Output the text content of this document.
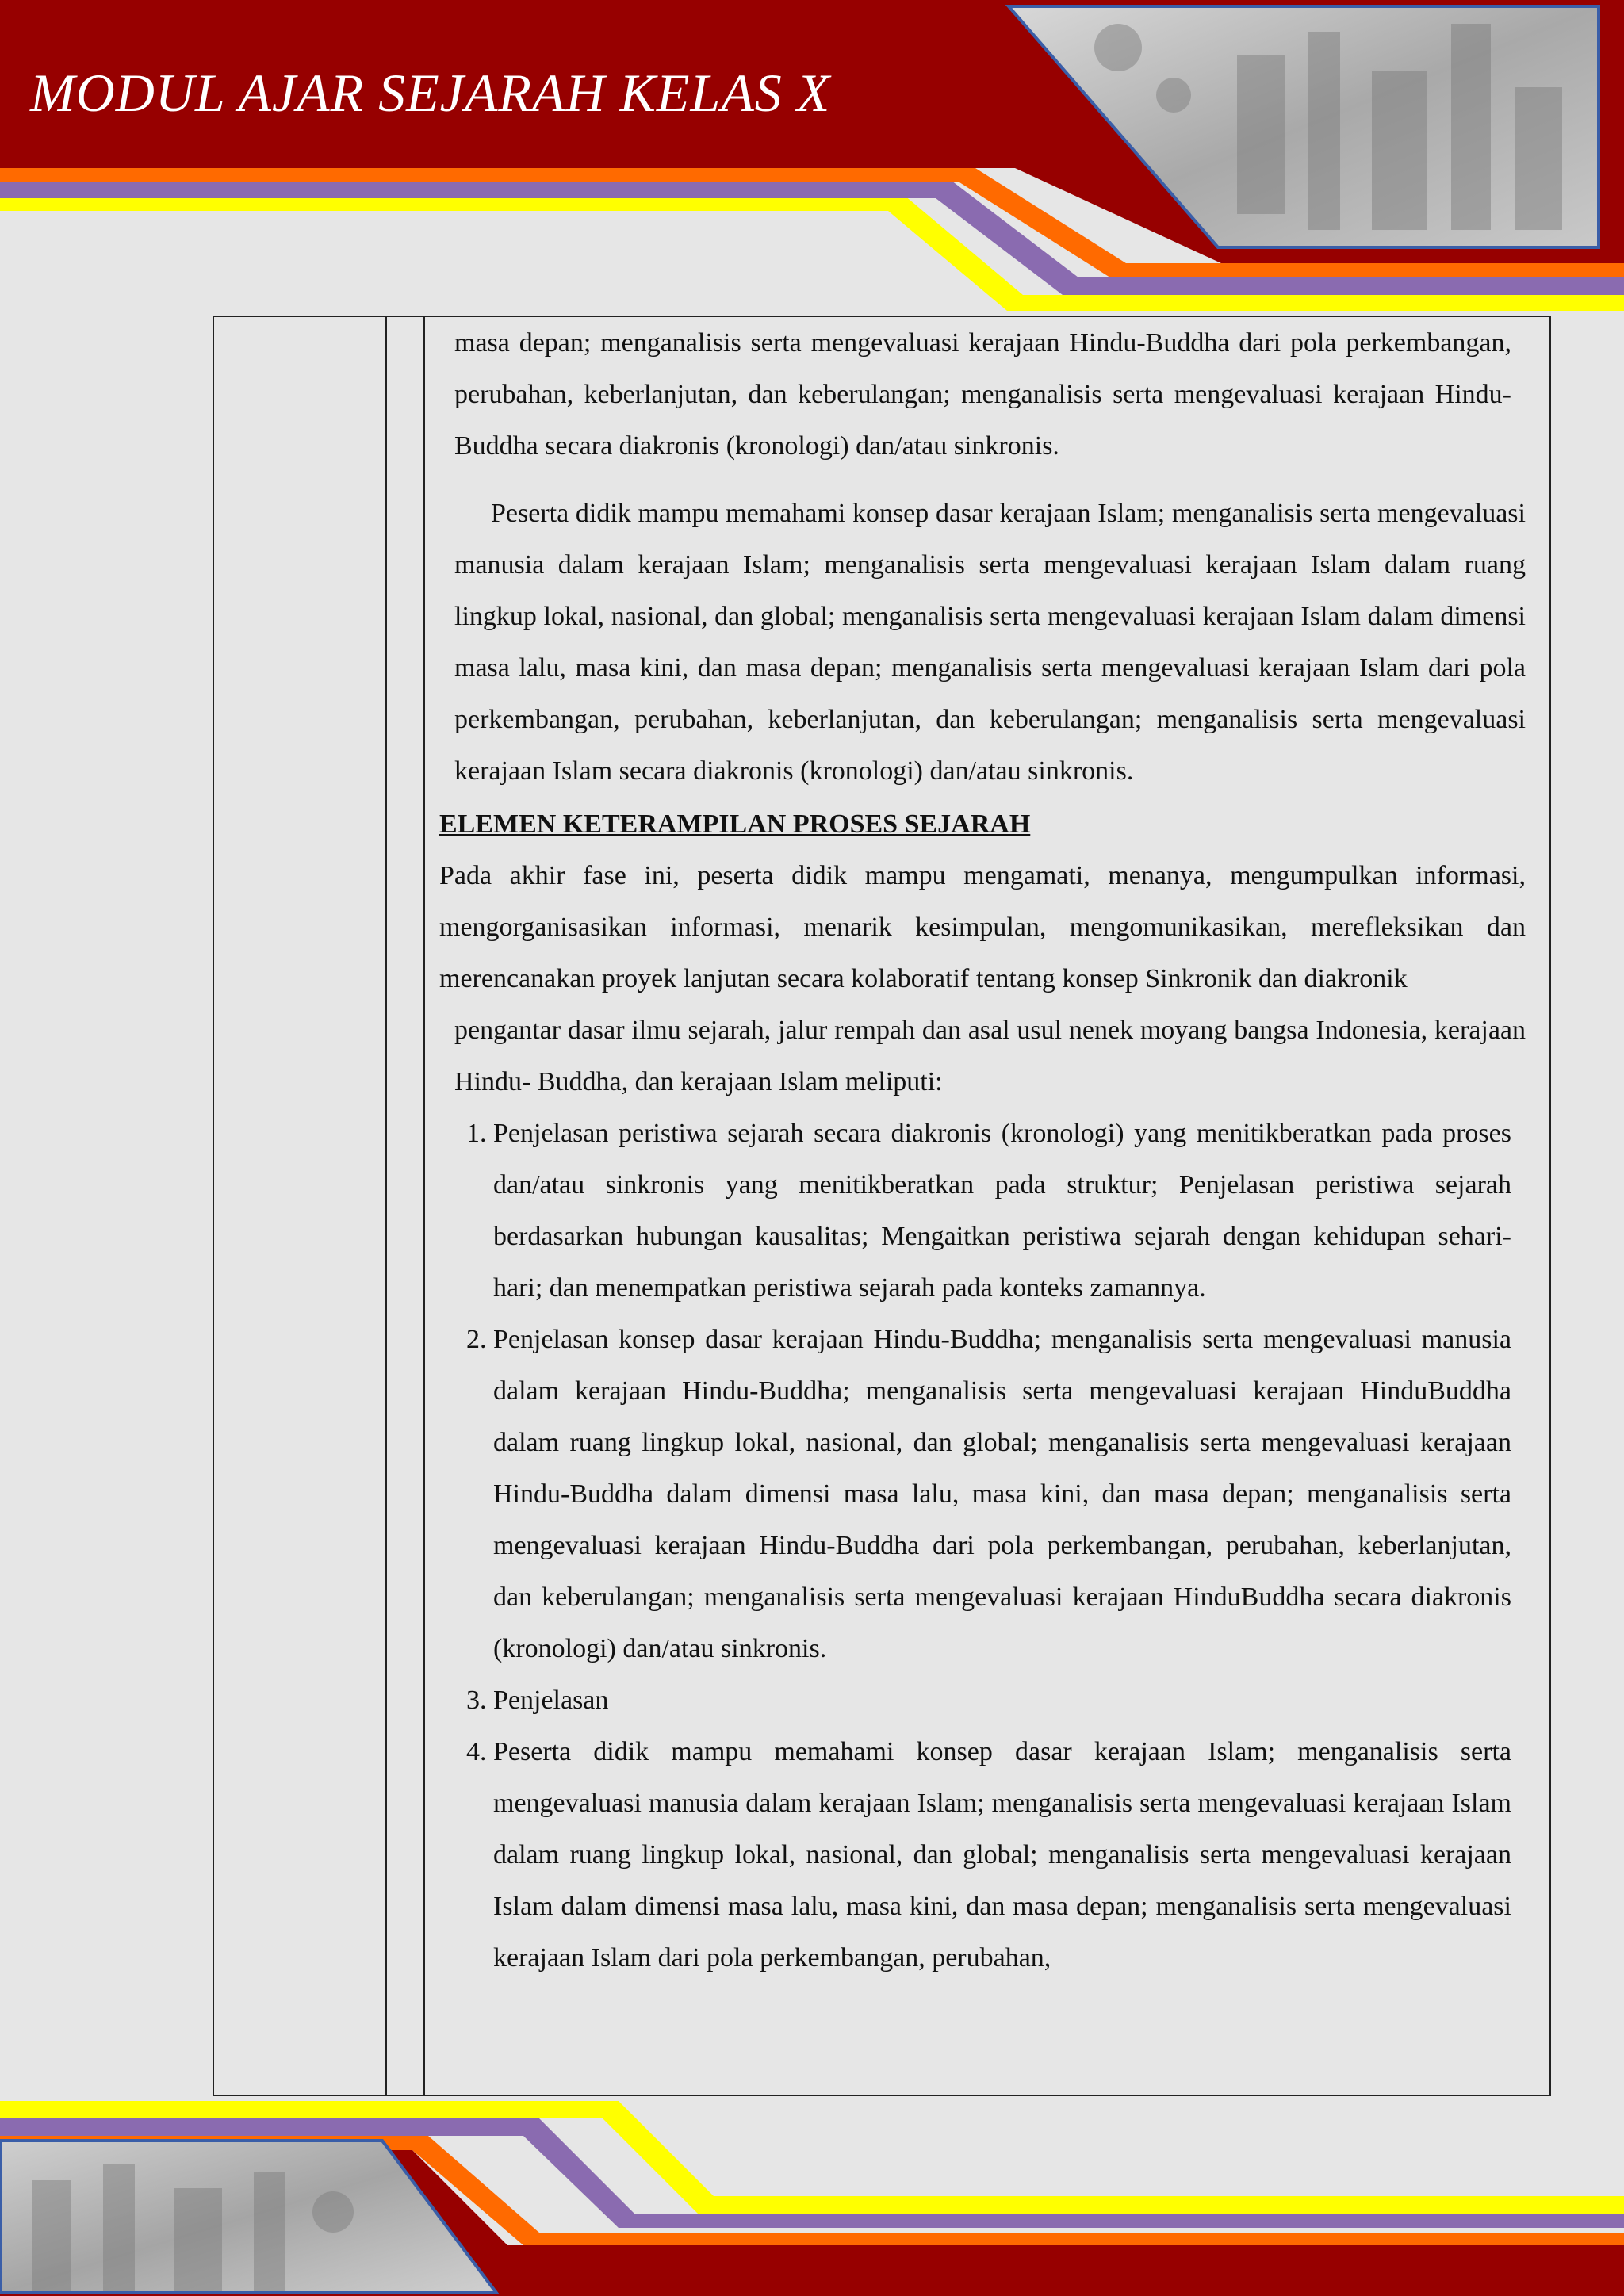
MODUL AJAR SEJARAH KELAS X

masa depan; menganalisis serta mengevaluasi kerajaan Hindu-Buddha dari pola perkembangan, perubahan, keberlanjutan, dan keberulangan; menganalisis serta mengevaluasi kerajaan Hindu-Buddha secara diakronis (kronologi) dan/atau sinkronis.

Peserta didik mampu memahami konsep dasar kerajaan Islam; menganalisis serta mengevaluasi manusia dalam kerajaan Islam; menganalisis serta mengevaluasi kerajaan Islam dalam ruang lingkup lokal, nasional, dan global; menganalisis serta mengevaluasi kerajaan Islam dalam dimensi masa lalu, masa kini, dan masa depan; menganalisis serta mengevaluasi kerajaan Islam dari pola perkembangan, perubahan, keberlanjutan, dan keberulangan; menganalisis serta mengevaluasi kerajaan Islam secara diakronis (kronologi) dan/atau sinkronis.

ELEMEN KETERAMPILAN PROSES SEJARAH

Pada akhir fase ini, peserta didik mampu mengamati, menanya, mengumpulkan informasi, mengorganisasikan informasi, menarik kesimpulan, mengomunikasikan, merefleksikan dan merencanakan proyek lanjutan secara kolaboratif tentang konsep Sinkronik dan diakronik

pengantar dasar ilmu sejarah, jalur rempah dan asal usul nenek moyang bangsa Indonesia, kerajaan Hindu- Buddha, dan kerajaan Islam meliputi:

1. Penjelasan peristiwa sejarah secara diakronis (kronologi) yang menitikberatkan pada proses dan/atau sinkronis yang menitikberatkan pada struktur; Penjelasan peristiwa sejarah berdasarkan hubungan kausalitas; Mengaitkan peristiwa sejarah dengan kehidupan sehari-hari; dan menempatkan peristiwa sejarah pada konteks zamannya.
2. Penjelasan konsep dasar kerajaan Hindu-Buddha; menganalisis serta mengevaluasi manusia dalam kerajaan Hindu-Buddha; menganalisis serta mengevaluasi kerajaan HinduBuddha dalam ruang lingkup lokal, nasional, dan global; menganalisis serta mengevaluasi kerajaan Hindu-Buddha dalam dimensi masa lalu, masa kini, dan masa depan; menganalisis serta mengevaluasi kerajaan Hindu-Buddha dari pola perkembangan, perubahan, keberlanjutan, dan keberulangan; menganalisis serta mengevaluasi kerajaan HinduBuddha secara diakronis (kronologi) dan/atau sinkronis.
3. Penjelasan
4. Peserta didik mampu memahami konsep dasar kerajaan Islam; menganalisis serta mengevaluasi manusia dalam kerajaan Islam; menganalisis serta mengevaluasi kerajaan Islam dalam ruang lingkup lokal, nasional, dan global; menganalisis serta mengevaluasi kerajaan Islam dalam dimensi masa lalu, masa kini, dan masa depan; menganalisis serta mengevaluasi kerajaan Islam dari pola perkembangan, perubahan,
